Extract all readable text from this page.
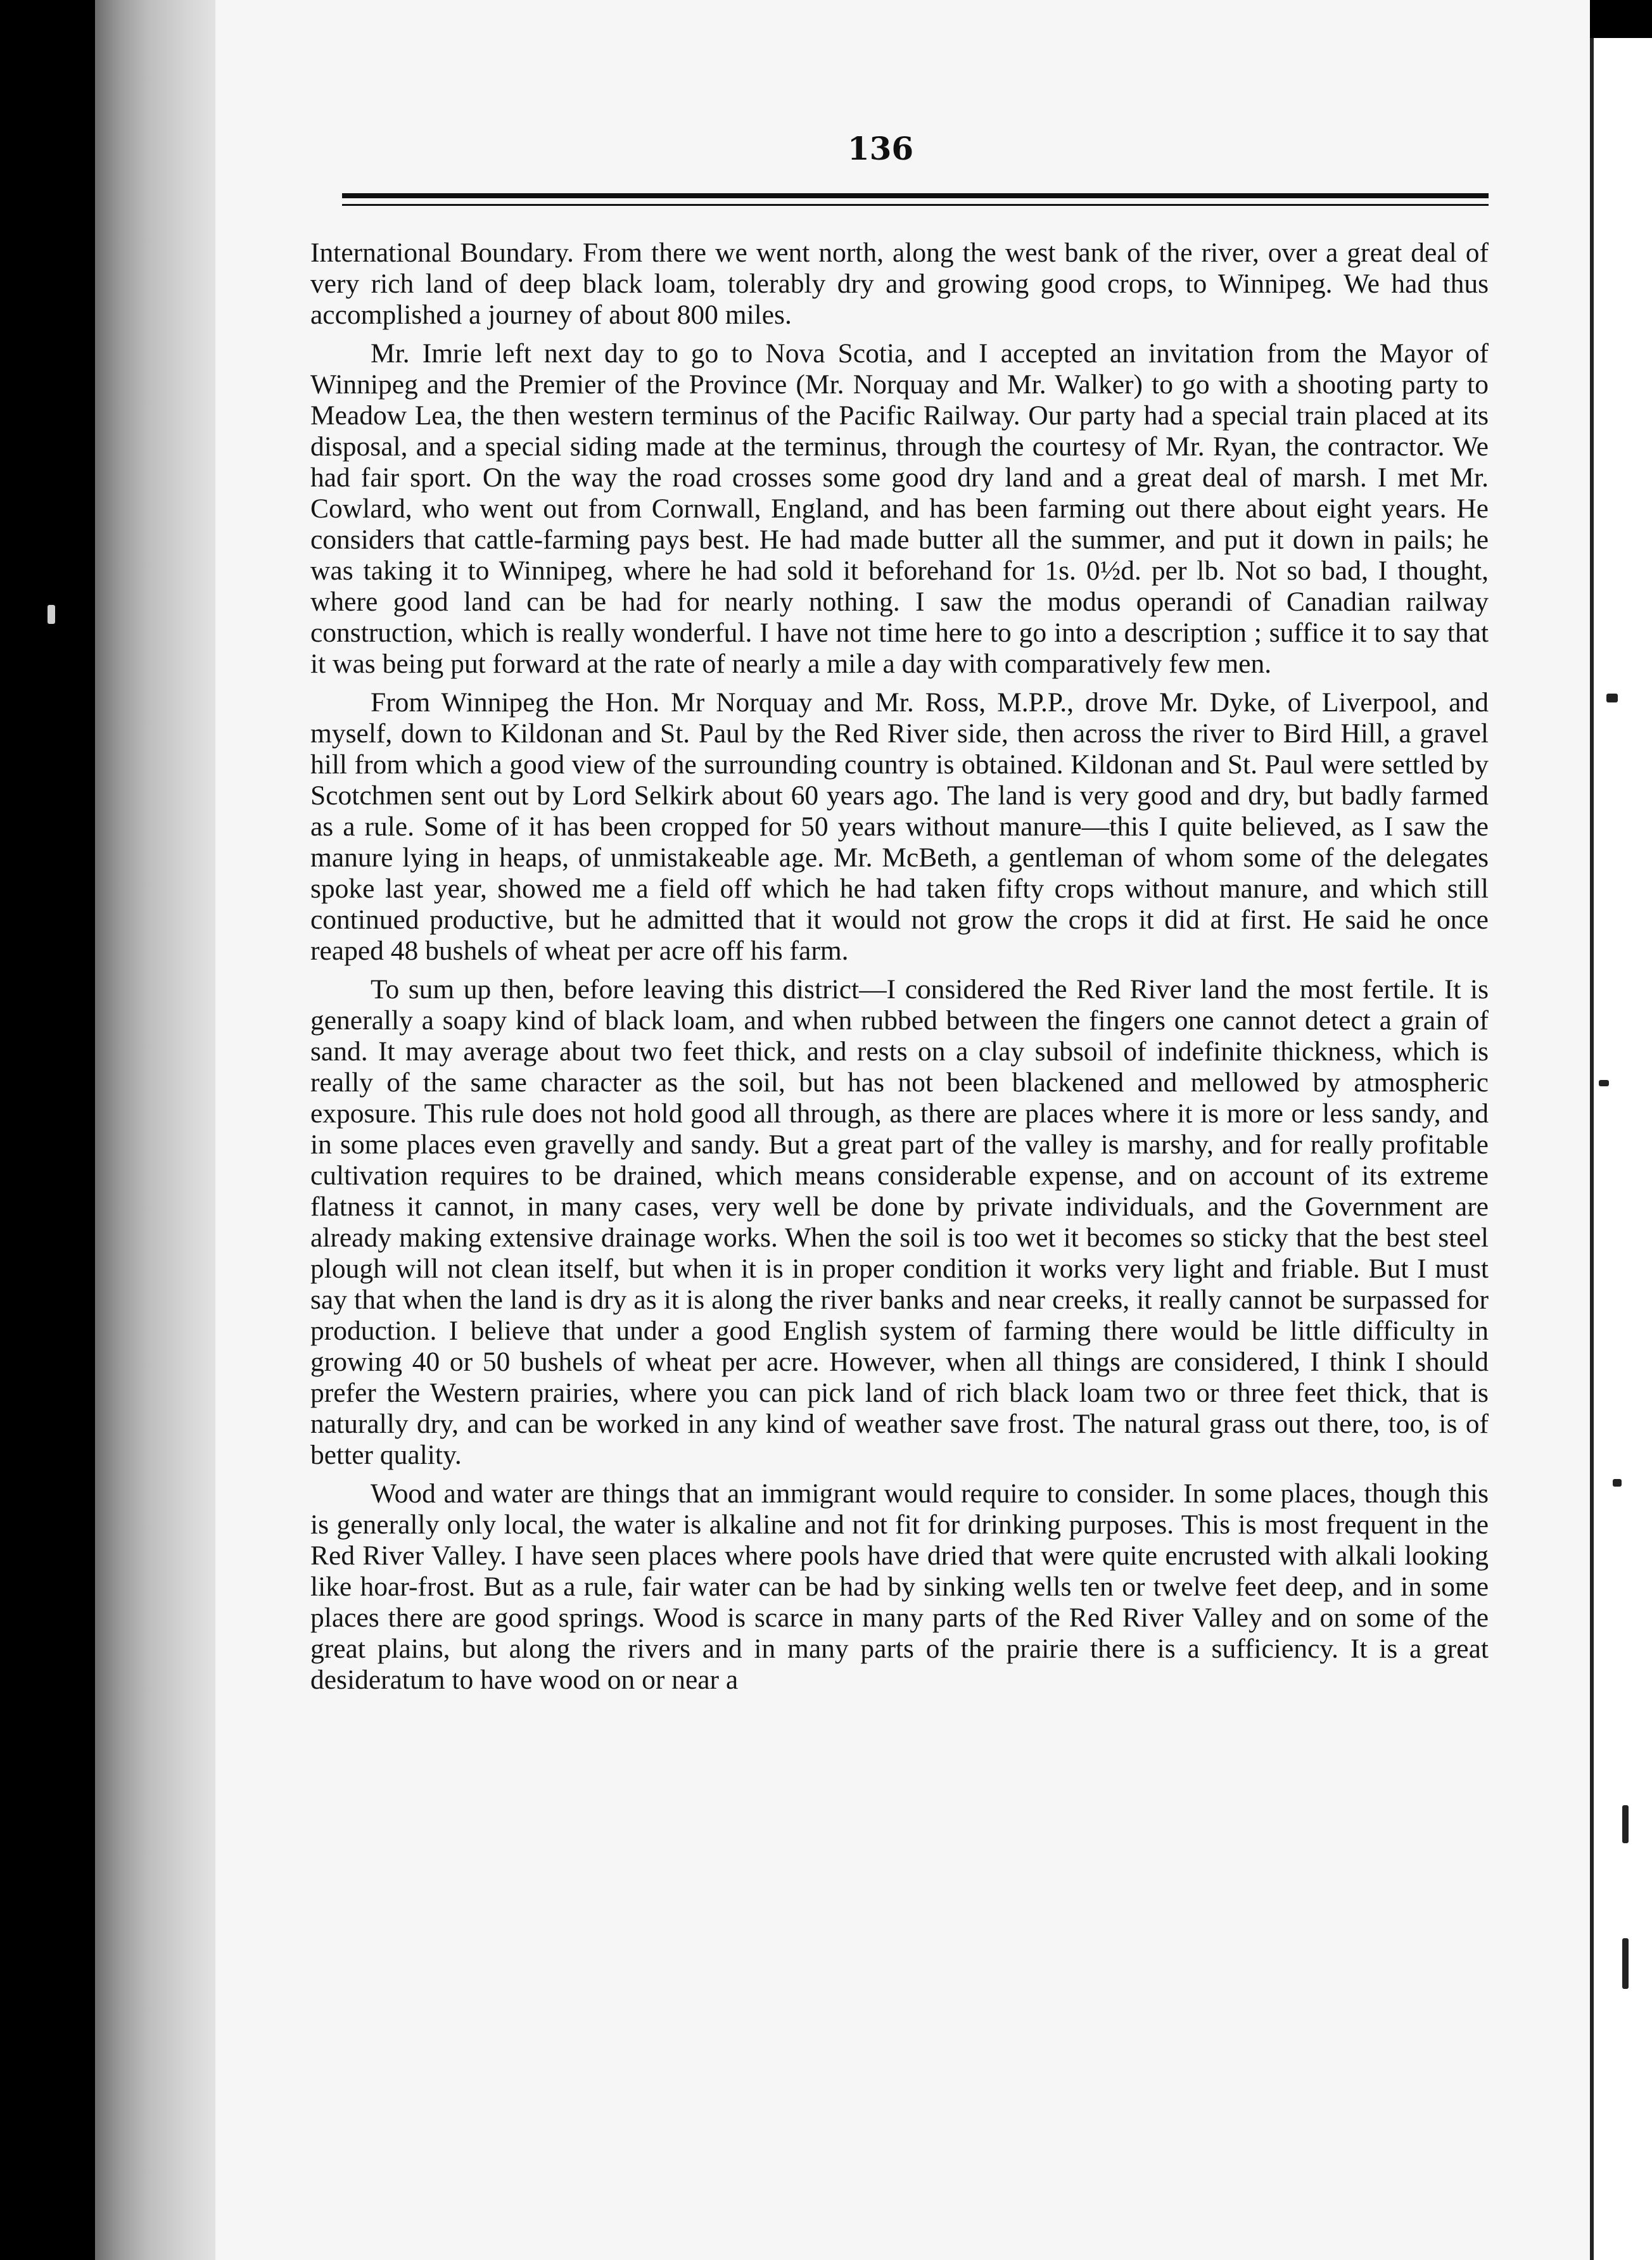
136

International Boundary. From there we went north, along the west bank of the river, over a great deal of very rich land of deep black loam, tolerably dry and growing good crops, to Winnipeg. We had thus accomplished a journey of about 800 miles.

Mr. Imrie left next day to go to Nova Scotia, and I accepted an invitation from the Mayor of Winnipeg and the Premier of the Province (Mr. Norquay and Mr. Walker) to go with a shooting party to Meadow Lea, the then western terminus of the Pacific Railway. Our party had a special train placed at its disposal, and a special siding made at the terminus, through the courtesy of Mr. Ryan, the contractor. We had fair sport. On the way the road crosses some good dry land and a great deal of marsh. I met Mr. Cowlard, who went out from Cornwall, England, and has been farming out there about eight years. He considers that cattle-farming pays best. He had made butter all the summer, and put it down in pails; he was taking it to Winnipeg, where he had sold it beforehand for 1s. 0½d. per lb. Not so bad, I thought, where good land can be had for nearly nothing. I saw the modus operandi of Canadian railway construction, which is really wonderful. I have not time here to go into a description ; suffice it to say that it was being put forward at the rate of nearly a mile a day with comparatively few men.

From Winnipeg the Hon. Mr Norquay and Mr. Ross, M.P.P., drove Mr. Dyke, of Liverpool, and myself, down to Kildonan and St. Paul by the Red River side, then across the river to Bird Hill, a gravel hill from which a good view of the surrounding country is obtained. Kildonan and St. Paul were settled by Scotchmen sent out by Lord Selkirk about 60 years ago. The land is very good and dry, but badly farmed as a rule. Some of it has been cropped for 50 years without manure—this I quite believed, as I saw the manure lying in heaps, of unmistakeable age. Mr. McBeth, a gentleman of whom some of the delegates spoke last year, showed me a field off which he had taken fifty crops without manure, and which still continued productive, but he admitted that it would not grow the crops it did at first. He said he once reaped 48 bushels of wheat per acre off his farm.

To sum up then, before leaving this district—I considered the Red River land the most fertile. It is generally a soapy kind of black loam, and when rubbed between the fingers one cannot detect a grain of sand. It may average about two feet thick, and rests on a clay subsoil of indefinite thickness, which is really of the same character as the soil, but has not been blackened and mellowed by atmospheric exposure. This rule does not hold good all through, as there are places where it is more or less sandy, and in some places even gravelly and sandy. But a great part of the valley is marshy, and for really profitable cultivation requires to be drained, which means considerable expense, and on account of its extreme flatness it cannot, in many cases, very well be done by private individuals, and the Government are already making extensive drainage works. When the soil is too wet it becomes so sticky that the best steel plough will not clean itself, but when it is in proper condition it works very light and friable. But I must say that when the land is dry as it is along the river banks and near creeks, it really cannot be surpassed for production. I believe that under a good English system of farming there would be little difficulty in growing 40 or 50 bushels of wheat per acre. However, when all things are considered, I think I should prefer the Western prairies, where you can pick land of rich black loam two or three feet thick, that is naturally dry, and can be worked in any kind of weather save frost. The natural grass out there, too, is of better quality.

Wood and water are things that an immigrant would require to consider. In some places, though this is generally only local, the water is alkaline and not fit for drinking purposes. This is most frequent in the Red River Valley. I have seen places where pools have dried that were quite encrusted with alkali looking like hoar-frost. But as a rule, fair water can be had by sinking wells ten or twelve feet deep, and in some places there are good springs. Wood is scarce in many parts of the Red River Valley and on some of the great plains, but along the rivers and in many parts of the prairie there is a sufficiency. It is a great desideratum to have wood on or near a
